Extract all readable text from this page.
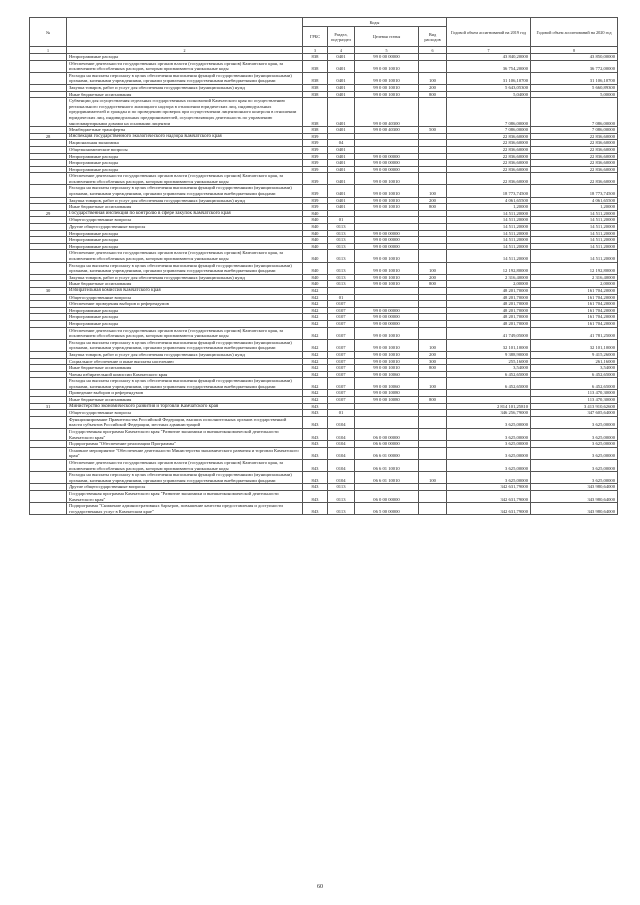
№		Коды				Годовой объем ассигнований на 2019 год	Годовой объем ассигнований на 2020 год
		ГРБС	Раздел, под-раздел	Целевая статья	Вид расходов		
1	2	3	4	5	6	7	8
	Непрограммные расходы	838	0401	99 0 00 00000		43 840,20000	43 850,00000
	Обеспечение деятельности государственных органов власти (государственных органов) Камчатского края, за исключением обособленных расходов, которым присваиваются уникальные коды	838	0401	99 0 00 10010		36 754,20000	36 772,00000
	Расходы на выплаты персоналу в целях обеспечения выполнения функций государственными (муниципальными) органами, казенными учреждениями, органами управления государственными внебюджетными фондами	838	0401	99 0 00 10010	100	31 106,10700	31 106,10700
	Закупка товаров, работ и услуг для обеспечения государственных (муниципальных) нужд	838	0401	99 0 00 10010	200	5 643,05300	5 660,89300
	Иные бюджетные ассигнования	838	0401	99 0 00 10010	800	5,04000	5,00000
	Субвенции для осуществления отдельных государственных полномочий Камчатского края по осуществлению регионального государственного жилищного надзора в отношении юридических лиц, индивидуальных предпринимателей и граждан и по проведению проверок при осуществлении лицензионного контроля в отношении юридических лиц, индивидуальных предпринимателей, осуществляющих деятельность по управлению многоквартирными домами на основании лицензии	838	0401	99 0 00 40300		7 086,00000	7 086,00000
	Межбюджетные трансферты	838	0401	99 0 00 40300	500	7 086,00000	7 086,00000
28	Инспекция государственного экологического надзора Камчатского края	839				22 836,60000	22 836,60000
	Национальная экономика	839	04			22 836,60000	22 836,60000
	Общеэкономические вопросы	839	0401			22 836,60000	22 836,60000
	Непрограммные расходы	839	0401	99 0 00 00000		22 836,60000	22 836,60000
	Непрограммные расходы	839	0401	99 0 00 00000		22 836,60000	22 836,60000
	Непрограммные расходы	839	0401	99 0 00 00000		22 836,60000	22 836,60000
	Обеспечение деятельности государственных органов власти (государственных органов) Камчатского края, за исключением обособленных расходов, которым присваиваются уникальные коды	839	0401	99 0 00 10010		22 836,60000	22 836,60000
	Расходы на выплаты персоналу в целях обеспечения выполнения функций государственными (муниципальными) органами, казенными учреждениями, органами управления государственными внебюджетными фондами	839	0401	99 0 00 10010	100	18 773,74500	18 773,74500
	Закупка товаров, работ и услуг для обеспечения государственных (муниципальных) нужд	839	0401	99 0 00 10010	200	4 061,65500	4 061,65500
	Иные бюджетные ассигнования	839	0401	99 0 00 10010	800	1,20000	1,20000
29	Государственная инспекция по контролю в сфере закупок Камчатского края	840				14 511,20000	14 511,20000
	Общегосударственные вопросы	840	01			14 511,20000	14 511,20000
	Другие общегосударственные вопросы	840	0113			14 511,20000	14 511,20000
	Непрограммные расходы	840	0113	99 0 00 00000		14 511,20000	14 511,20000
	Непрограммные расходы	840	0113	99 0 00 00000		14 511,20000	14 511,20000
	Непрограммные расходы	840	0113	99 0 00 00000		14 511,20000	14 511,20000
	Обеспечение деятельности государственных органов власти (государственных органов) Камчатского края, за исключением обособленных расходов, которым присваиваются уникальные коды	840	0113	99 0 00 10010		14 511,20000	14 511,20000
	Расходы на выплаты персоналу в целях обеспечения выполнения функций государственными (муниципальными) органами, казенными учреждениями, органами управления государственными внебюджетными фондами	840	0113	99 0 00 10010	100	12 192,80000	12 192,80000
	Закупка товаров, работ и услуг для обеспечения государственных (муниципальных) нужд	840	0113	99 0 00 10010	200	2 316,40000	2 316,40000
	Иные бюджетные ассигнования	840	0113	99 0 00 10010	800	2,00000	2,00000
30	Избирательная комиссия Камчатского края	842				48 201,70000	161 704,20000
	Общегосударственные вопросы	842	01			48 201,70000	161 704,20000
	Обеспечение проведения выборов и референдумов	842	0107			48 201,70000	161 704,20000
	Непрограммные расходы	842	0107	99 0 00 00000		48 201,70000	161 704,20000
	Непрограммные расходы	842	0107	99 0 00 00000		48 201,70000	161 704,20000
	Непрограммные расходы	842	0107	99 0 00 00000		48 201,70000	161 704,20000
	Обеспечение деятельности государственных органов власти (государственных органов) Камчатского края, за исключением обособленных расходов, которым присваиваются уникальные коды	842	0107	99 0 00 10010		41 749,05000	41 781,25000
	Расходы на выплаты персоналу в целях обеспечения выполнения функций государственными (муниципальными) органами, казенными учреждениями, органами управления государственными внебюджетными фондами	842	0107	99 0 00 10010	100	32 101,10000	32 101,10000
	Закупка товаров, работ и услуг для обеспечения государственных (муниципальных) нужд	842	0107	99 0 00 10010	200	9 388,90000	9 415,26000
	Социальное обеспечение и иные выплаты населению	842	0107	99 0 00 10010	300	255,16000	261,16000
	Иные бюджетные ассигнования	842	0107	99 0 00 10010	800	3,54000	3,54000
	Члены избирательной комиссии Камчатского края	842	0107	99 0 00 10060		6 452,65000	6 452,65000
	Расходы на выплаты персоналу в целях обеспечения выполнения функций государственными (муниципальными) органами, казенными учреждениями, органами управления государственными внебюджетными фондами	842	0107	99 0 00 10060	100	6 452,65000	6 452,65000
	Проведение выборов и референдумов	842	0107	99 0 00 10080			113 470,30000
	Иные бюджетные ассигнования	842	0107	99 0 00 10080	800		113 470,30000
31	Министерство экономического развития и торговли Камчатского края	843				2 814 101,25810	3 413 910,62600
	Общегосударственные вопросы	843	01			346 256,79000	347 605,64000
	Функционирование Правительства Российской Федерации, высших исполнительных органов государственной власти субъектов Российской Федерации, местных администраций	843	0104			3 625,00000	3 625,00000
	Государственная программа Камчатского края "Развитие экономики и внешнеэкономической деятельности Камчатского края"	843	0104	06 0 00 00000		3 625,00000	3 625,00000
	Подпрограмма "Обеспечение реализации Программы"	843	0104	06 6 00 00000		3 625,00000	3 625,00000
	Основное мероприятие "Обеспечение деятельности Министерства экономического развития и торговли Камчатского края"	843	0104	06 6 01 00000		3 625,00000	3 625,00000
	Обеспечение деятельности государственных органов власти (государственных органов) Камчатского края, за исключением обособленных расходов, которым присваиваются уникальные коды	843	0104	06 6 01 10010		3 625,00000	3 625,00000
	Расходы на выплаты персоналу в целях обеспечения выполнения функций государственными (муниципальными) органами, казенными учреждениями, органами управления государственными внебюджетными фондами	843	0104	06 6 01 10010	100	3 625,00000	3 625,00000
	Другие общегосударственные вопросы	843	0113			342 631,79000	343 980,64000
	Государственная программа Камчатского края "Развитие экономики и внешнеэкономической деятельности Камчатского края"	843	0113	06 0 00 00000		342 631,79000	343 980,64000
	Подпрограмма "Снижение административных барьеров, повышение качества предоставления и доступности государственных услуг в Камчатском крае"	843	0113	06 5 00 00000		342 631,79000	343 980,64000
60
